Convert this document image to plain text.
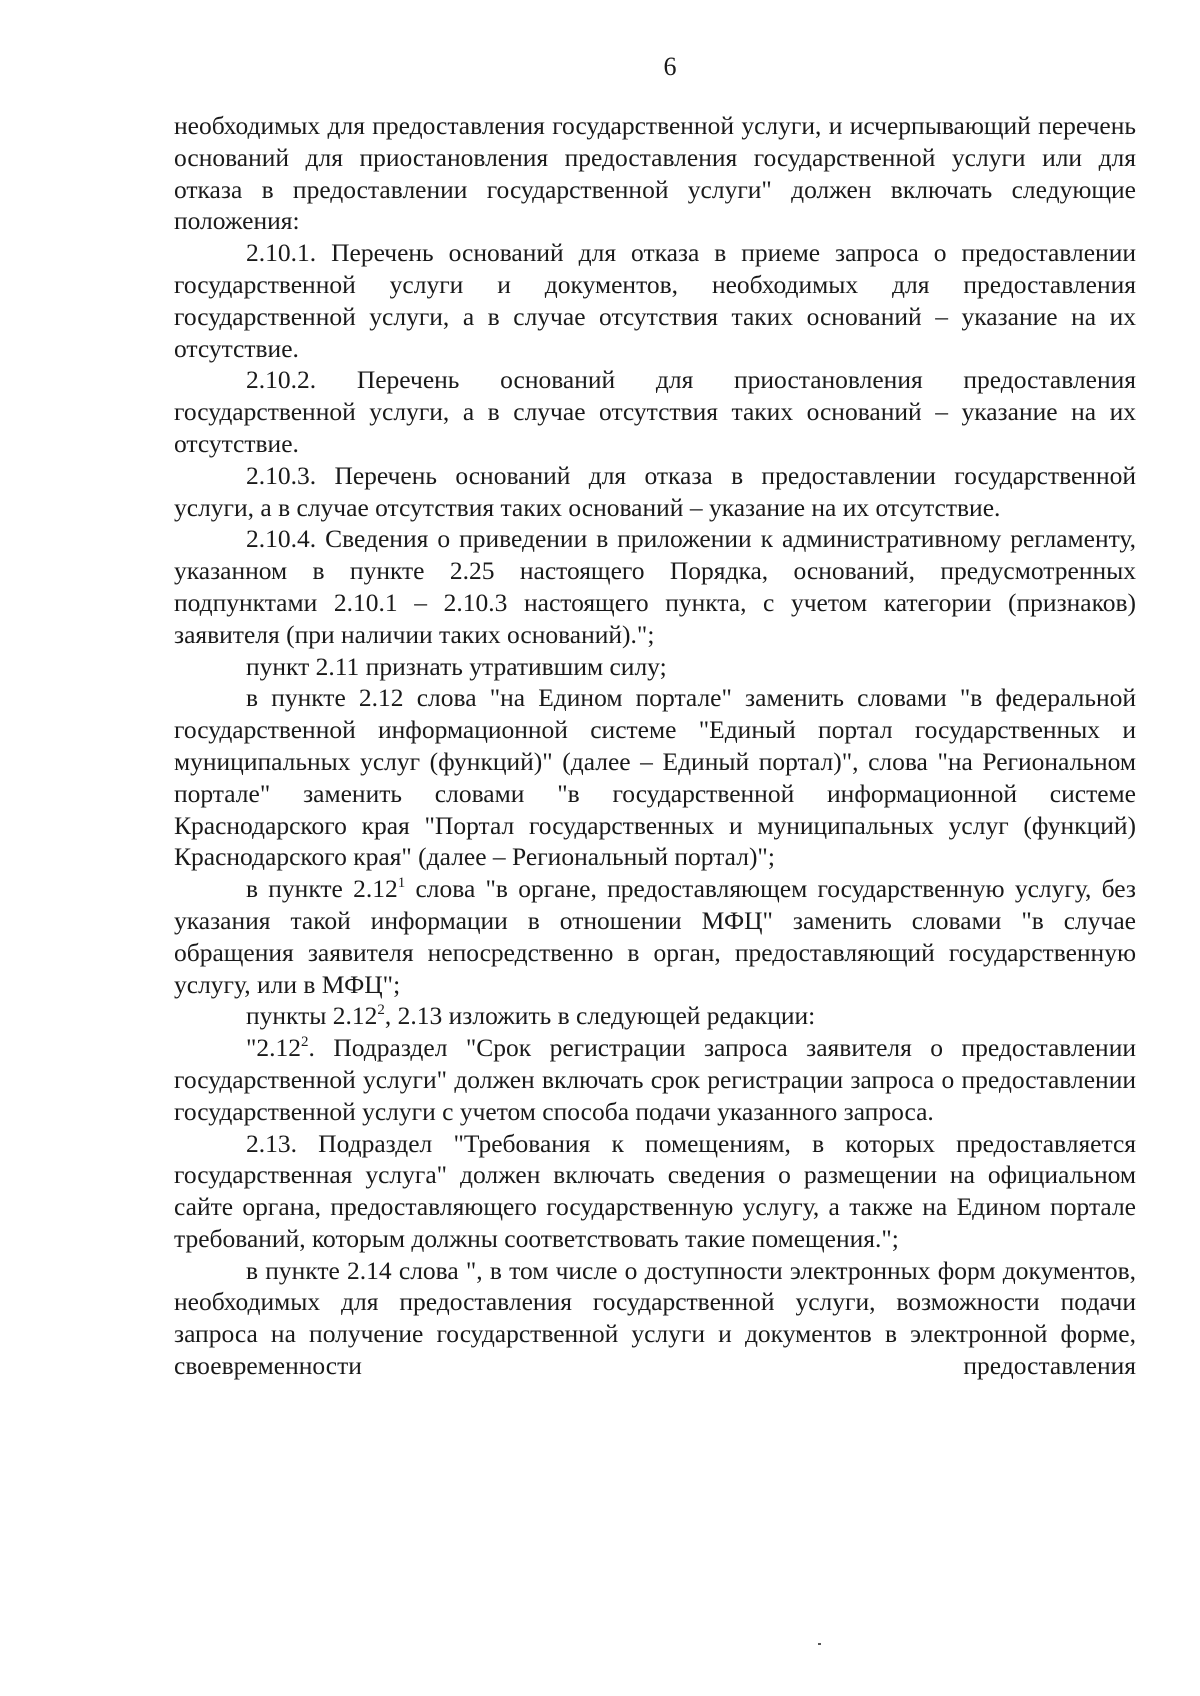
6

необходимых для предоставления государственной услуги, и исчерпывающий перечень оснований для приостановления предоставления государственной услуги или для отказа в предоставлении государственной услуги" должен включать следующие положения:

2.10.1. Перечень оснований для отказа в приеме запроса о предоставлении государственной услуги и документов, необходимых для предоставления государственной услуги, а в случае отсутствия таких оснований – указание на их отсутствие.

2.10.2. Перечень оснований для приостановления предоставления государственной услуги, а в случае отсутствия таких оснований – указание на их отсутствие.

2.10.3. Перечень оснований для отказа в предоставлении государственной услуги, а в случае отсутствия таких оснований – указание на их отсутствие.

2.10.4. Сведения о приведении в приложении к административному регламенту, указанном в пункте 2.25 настоящего Порядка, оснований, предусмотренных подпунктами 2.10.1 – 2.10.3 настоящего пункта, с учетом категории (признаков) заявителя (при наличии таких оснований).";

пункт 2.11 признать утратившим силу;

в пункте 2.12 слова "на Едином портале" заменить словами "в федеральной государственной информационной системе "Единый портал государственных и муниципальных услуг (функций)" (далее – Единый портал)", слова "на Региональном портале" заменить словами "в государственной информационной системе Краснодарского края "Портал государственных и муниципальных услуг (функций) Краснодарского края" (далее – Региональный портал)";

в пункте 2.12$^1$ слова "в органе, предоставляющем государственную услугу, без указания такой информации в отношении МФЦ" заменить словами "в случае обращения заявителя непосредственно в орган, предоставляющий государственную услугу, или в МФЦ";

пункты 2.12$^2$, 2.13 изложить в следующей редакции:

"2.12$^2$. Подраздел "Срок регистрации запроса заявителя о предоставлении государственной услуги" должен включать срок регистрации запроса о предоставлении государственной услуги с учетом способа подачи указанного запроса.

2.13. Подраздел "Требования к помещениям, в которых предоставляется государственная услуга" должен включать сведения о размещении на официальном сайте органа, предоставляющего государственную услугу, а также на Едином портале требований, которым должны соответствовать такие помещения.";

в пункте 2.14 слова ", в том числе о доступности электронных форм документов, необходимых для предоставления государственной услуги, возможности подачи запроса на получение государственной услуги и документов в электронной форме, своевременности предоставления
